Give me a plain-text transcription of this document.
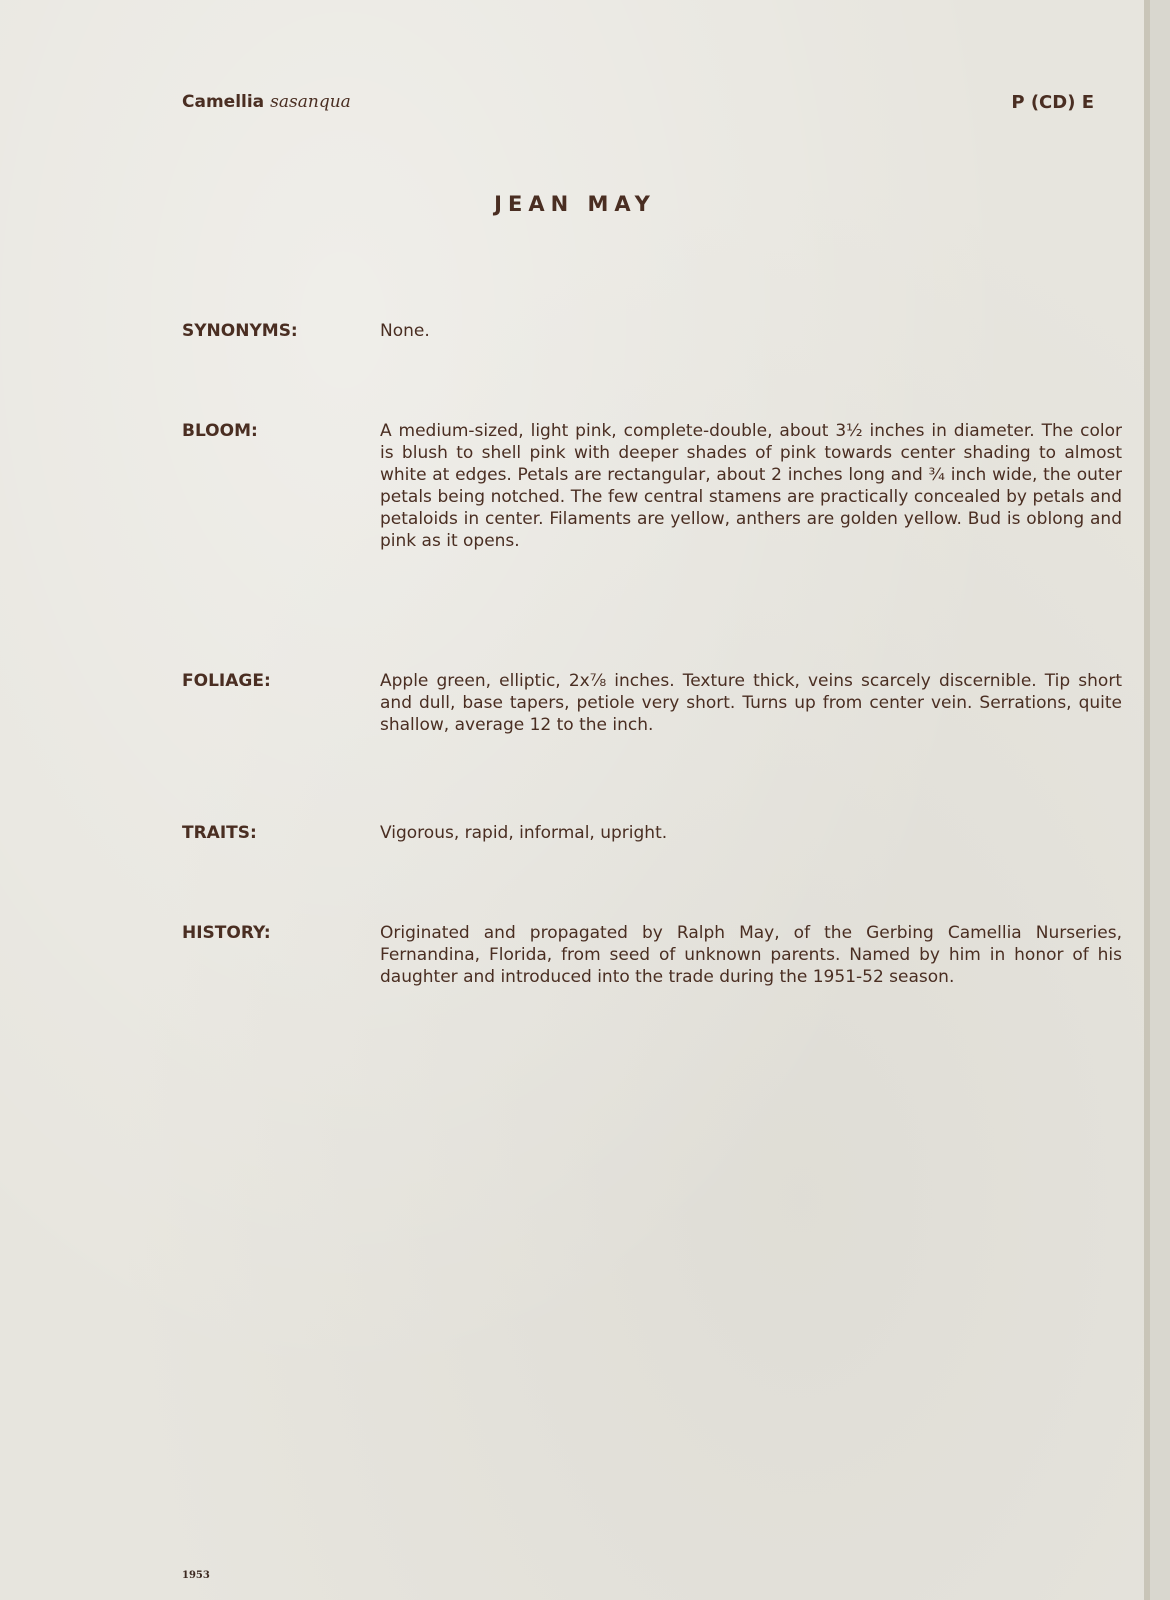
Camellia sasanqua	P (CD) E
JEAN MAY
SYNONYMS:	None.
BLOOM:	A medium-sized, light pink, complete-double, about 3½ inches in diameter. The color is blush to shell pink with deeper shades of pink towards center shading to almost white at edges. Petals are rectangular, about 2 inches long and ¾ inch wide, the outer petals being notched. The few central stamens are practically concealed by petals and petaloids in center. Filaments are yellow, anthers are golden yellow. Bud is oblong and pink as it opens.
FOLIAGE:	Apple green, elliptic, 2x⅞ inches. Texture thick, veins scarcely discernible. Tip short and dull, base tapers, petiole very short. Turns up from center vein. Serrations, quite shallow, average 12 to the inch.
TRAITS:	Vigorous, rapid, informal, upright.
HISTORY:	Originated and propagated by Ralph May, of the Gerbing Camellia Nurseries, Fernandina, Florida, from seed of unknown parents. Named by him in honor of his daughter and introduced into the trade during the 1951-52 season.
1953
